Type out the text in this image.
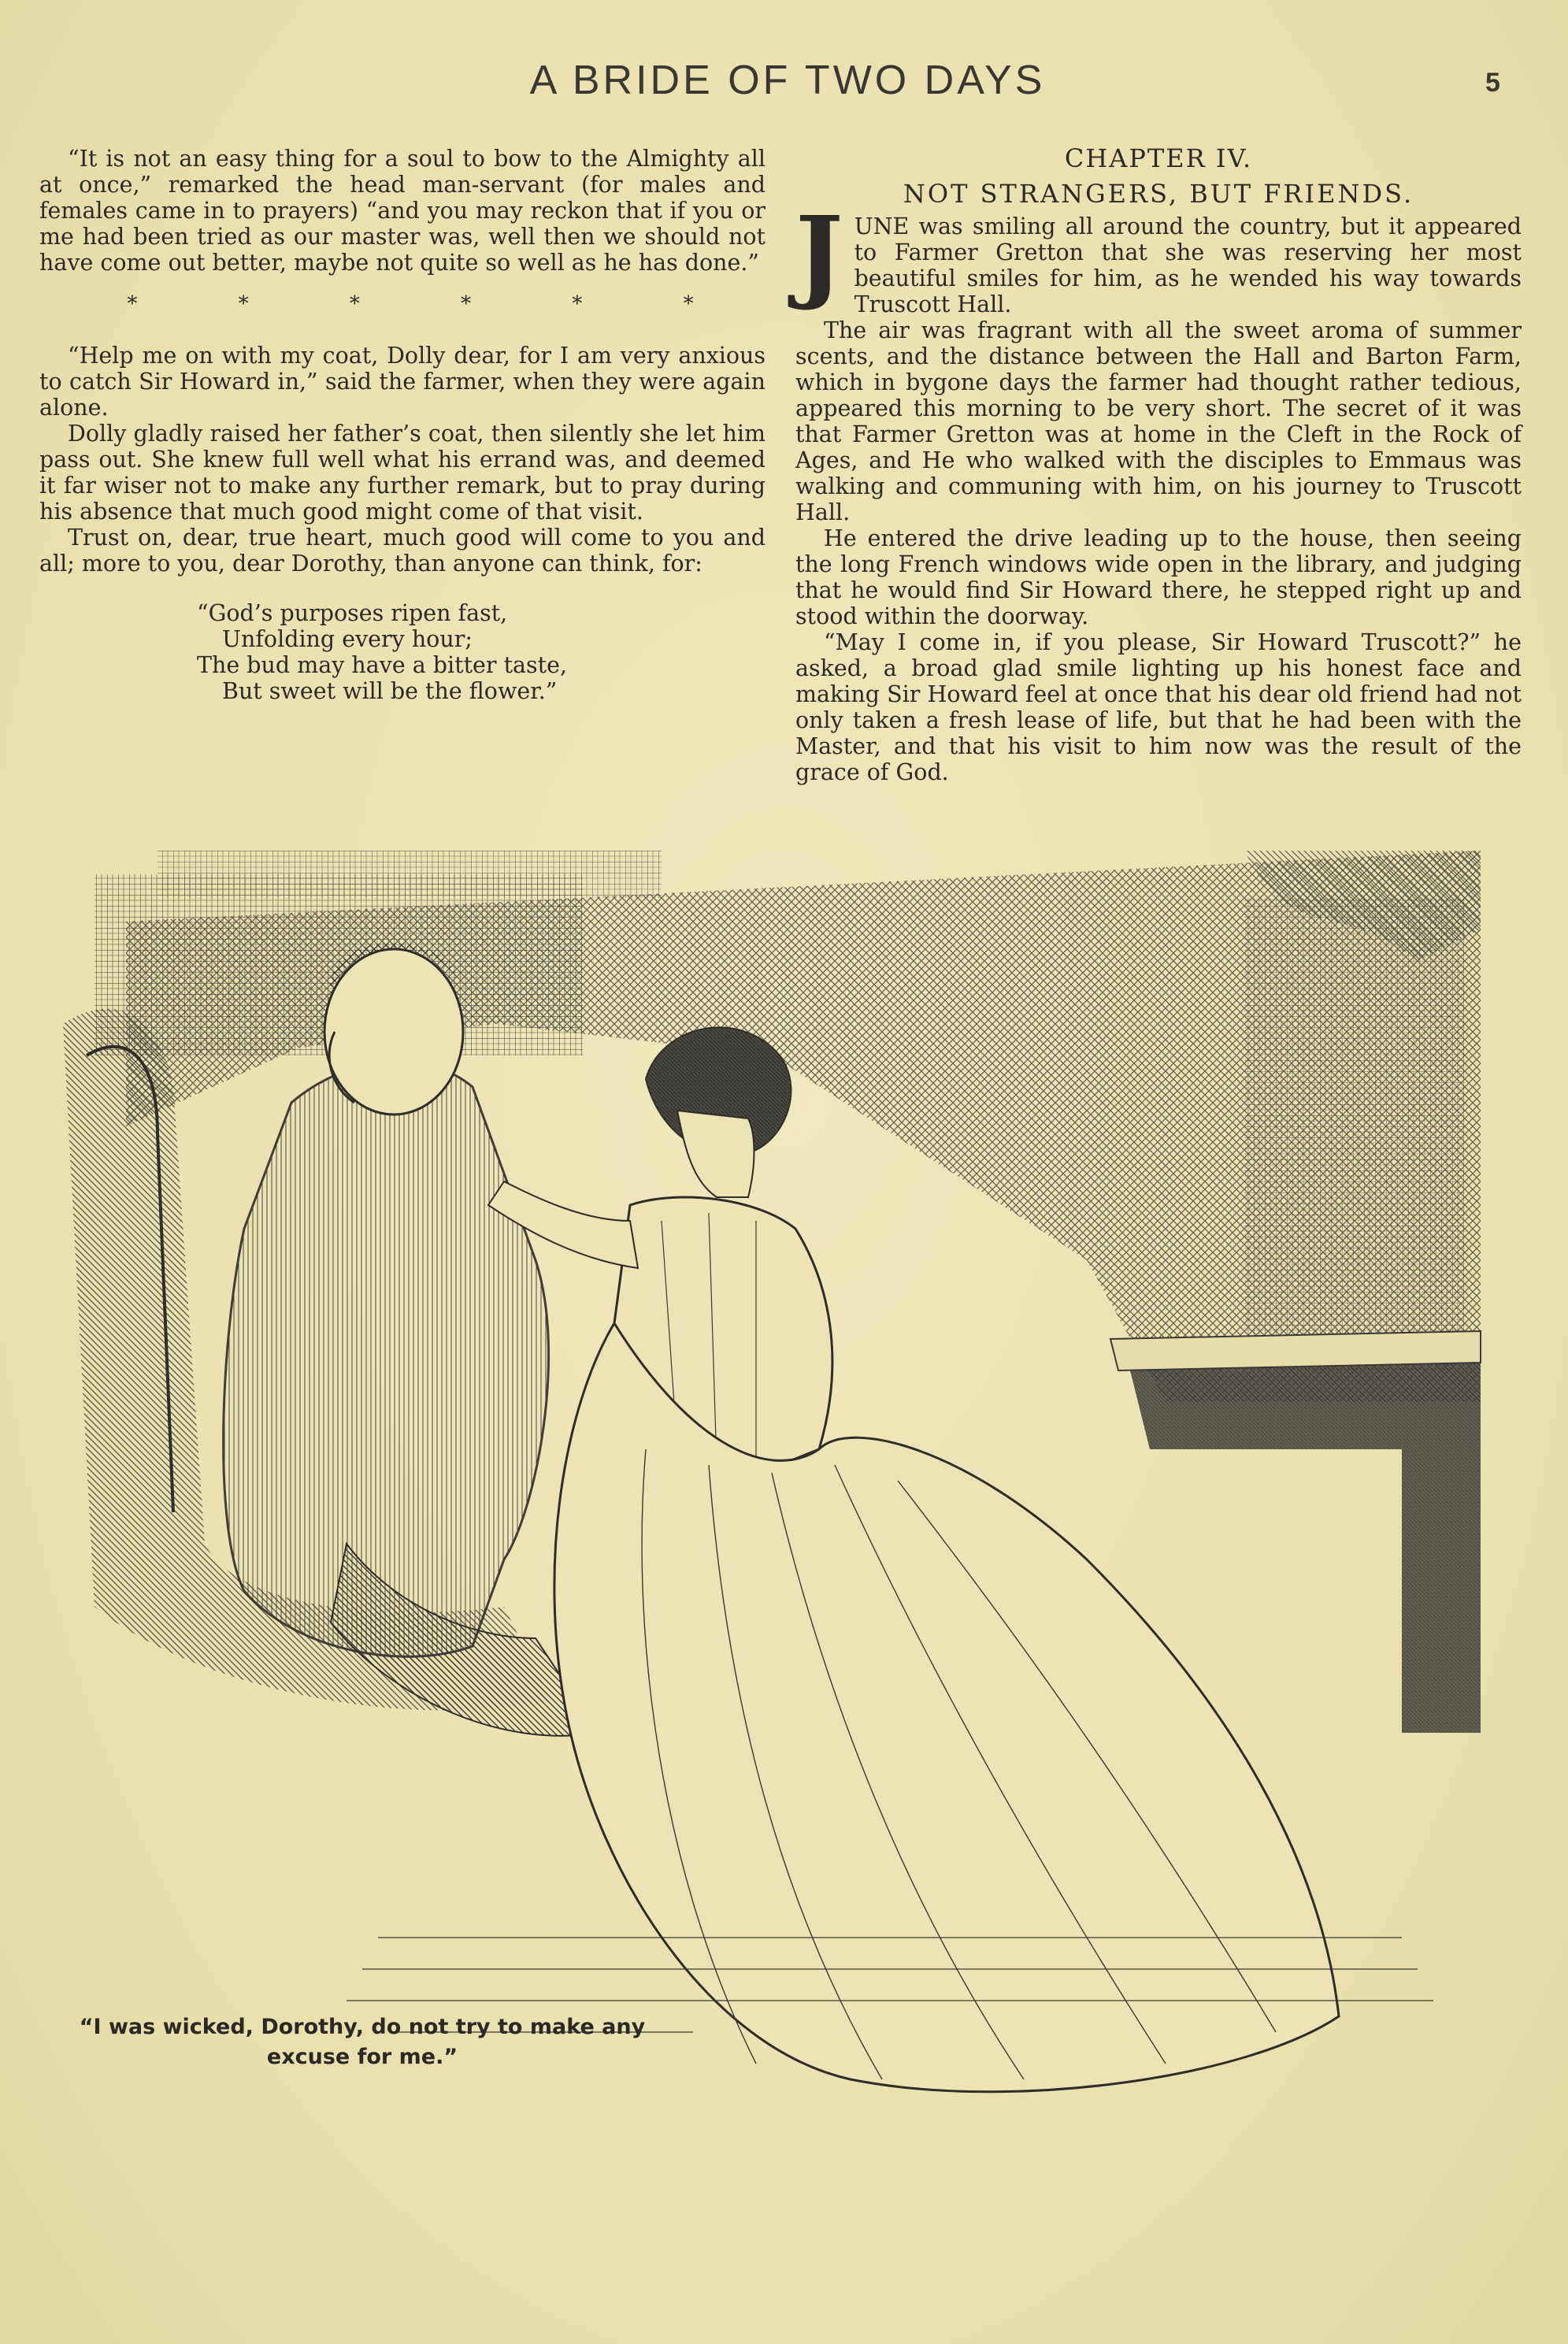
A BRIDE OF TWO DAYS	5

“It is not an easy thing for a soul to bow to the Almighty all at once,” remarked the head man-servant (for males and females came in to prayers) “and you may reckon that if you or me had been tried as our master was, well then we should not have come out better, maybe not quite so well as he has done.”

* * * * * *

“Help me on with my coat, Dolly dear, for I am very anxious to catch Sir Howard in,” said the farmer, when they were again alone.

Dolly gladly raised her father’s coat, then silently she let him pass out. She knew full well what his errand was, and deemed it far wiser not to make any further remark, but to pray during his absence that much good might come of that visit.

Trust on, dear, true heart, much good will come to you and all; more to you, dear Dorothy, than anyone can think, for:

“God’s purposes ripen fast,
Unfolding every hour;
The bud may have a bitter taste,
But sweet will be the flower.”
CHAPTER IV.
NOT STRANGERS, BUT FRIENDS.
J UNE was smiling all around the country, but it appeared to Farmer Gretton that she was reserving her most beautiful smiles for him, as he wended his way towards Truscott Hall.

The air was fragrant with all the sweet aroma of summer scents, and the distance between the Hall and Barton Farm, which in bygone days the farmer had thought rather tedious, appeared this morning to be very short. The secret of it was that Farmer Gretton was at home in the Cleft in the Rock of Ages, and He who walked with the disciples to Emmaus was walking and communing with him, on his journey to Truscott Hall.

He entered the drive leading up to the house, then seeing the long French windows wide open in the library, and judging that he would find Sir Howard there, he stepped right up and stood within the doorway.

“May I come in, if you please, Sir Howard Truscott?” he asked, a broad glad smile lighting up his honest face and making Sir Howard feel at once that his dear old friend had not only taken a fresh lease of life, but that he had been with the Master, and that his visit to him now was the result of the grace of God.

“I was wicked, Dorothy, do not try to make any
excuse for me.”
